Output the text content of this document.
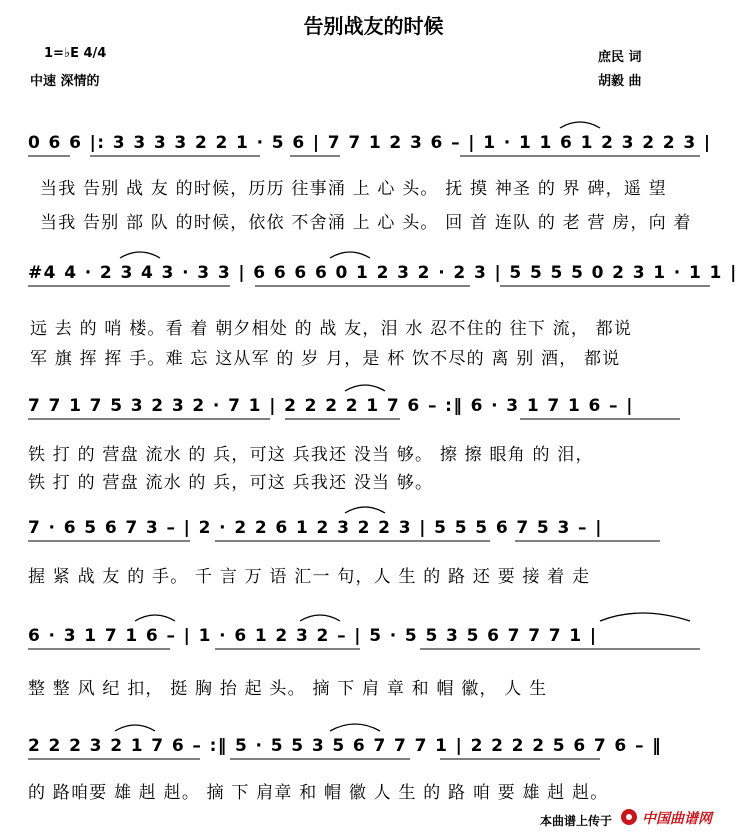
告别战友的时候
1=♭E 4/4
中速 深情的
庶民 词
胡毅 曲
0 6 6 |: 3 3 3 3 2 2 1 · 5 6 | 7 7 1 2 3 6 – | 1 · 1 1 6 1 2 3 2 2 3 |
当我 告别 战 友 的时候，历历 往事涌 上 心 头。 抚 摸 神圣 的 界 碑，遥 望
当我 告别 部 队 的时候，依依 不舍涌 上 心 头。 回 首 连队 的 老 营 房，向 着
#4 4 · 2 3 4 3 · 3 3 | 6 6 6 6 0 1 2 3 2 · 2 3 | 5 5 5 5 0 2 3 1 · 1 1 |
远 去 的 哨 楼。看 着 朝夕相处 的 战 友，泪 水 忍不住的 往下 流， 都说
军 旗 挥 挥 手。难 忘 这从军 的 岁 月，是 杯 饮不尽的 离 别 酒， 都说
7 7 1 7 5 3 2 3 2 · 7 1 | 2 2 2 2 1 7 6 – :‖ 6 · 3 1 7 1 6 – |
铁 打 的 营盘 流水 的 兵，可这 兵我还 没当 够。 擦 擦 眼角 的 泪，
铁 打 的 营盘 流水 的 兵，可这 兵我还 没当 够。
7 · 6 5 6 7 3 – | 2 · 2 2 6 1 2 3 2 2 3 | 5 5 5 6 7 5 3 – |
握 紧 战 友 的 手。 千 言 万 语 汇一 句，人 生 的 路 还 要 接 着 走
6 · 3 1 7 1 6 – | 1 · 6 1 2 3 2 – | 5 · 5 5 3 5 6 7 7 7 1 |
整 整 风 纪 扣， 挺 胸 抬 起 头。 摘 下 肩 章 和 帽 徽， 人 生
2 2 2 3 2 1 7 6 – :‖ 5 · 5 5 3 5 6 7 7 7 1 | 2 2 2 2 5 6 7 6 – ‖
的 路咱要 雄 赳 赳。 摘 下 肩章 和 帽 徽 人 生 的 路 咱 要 雄 赳 赳。
本曲谱上传于 中国曲谱网
